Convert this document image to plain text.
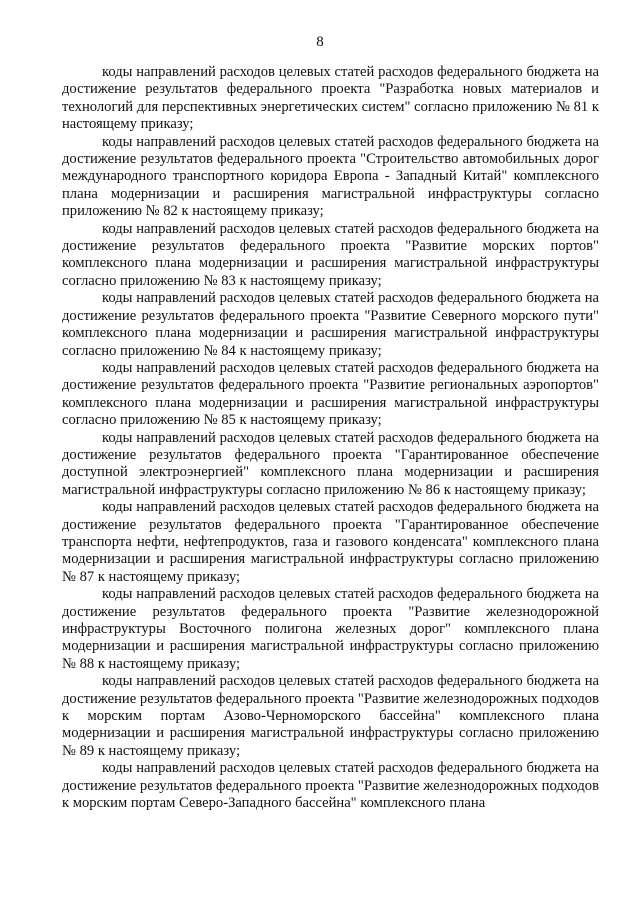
8

коды направлений расходов целевых статей расходов федерального бюджета на достижение результатов федерального проекта "Разработка новых материалов и технологий для перспективных энергетических систем" согласно приложению № 81 к настоящему приказу;

коды направлений расходов целевых статей расходов федерального бюджета на достижение результатов федерального проекта "Строительство автомобильных дорог международного транспортного коридора Европа - Западный Китай" комплексного плана модернизации и расширения магистральной инфраструктуры согласно приложению № 82 к настоящему приказу;

коды направлений расходов целевых статей расходов федерального бюджета на достижение результатов федерального проекта "Развитие морских портов" комплексного плана модернизации и расширения магистральной инфраструктуры согласно приложению № 83 к настоящему приказу;

коды направлений расходов целевых статей расходов федерального бюджета на достижение результатов федерального проекта "Развитие Северного морского пути" комплексного плана модернизации и расширения магистральной инфраструктуры согласно приложению № 84 к настоящему приказу;

коды направлений расходов целевых статей расходов федерального бюджета на достижение результатов федерального проекта "Развитие региональных аэропортов" комплексного плана модернизации и расширения магистральной инфраструктуры согласно приложению № 85 к настоящему приказу;

коды направлений расходов целевых статей расходов федерального бюджета на достижение результатов федерального проекта "Гарантированное обеспечение доступной электроэнергией" комплексного плана модернизации и расширения магистральной инфраструктуры согласно приложению № 86 к настоящему приказу;

коды направлений расходов целевых статей расходов федерального бюджета на достижение результатов федерального проекта "Гарантированное обеспечение транспорта нефти, нефтепродуктов, газа и газового конденсата" комплексного плана модернизации и расширения магистральной инфраструктуры согласно приложению № 87 к настоящему приказу;

коды направлений расходов целевых статей расходов федерального бюджета на достижение результатов федерального проекта "Развитие железнодорожной инфраструктуры Восточного полигона железных дорог" комплексного плана модернизации и расширения магистральной инфраструктуры согласно приложению № 88 к настоящему приказу;

коды направлений расходов целевых статей расходов федерального бюджета на достижение результатов федерального проекта "Развитие железнодорожных подходов к морским портам Азово-Черноморского бассейна" комплексного плана модернизации и расширения магистральной инфраструктуры согласно приложению № 89 к настоящему приказу;

коды направлений расходов целевых статей расходов федерального бюджета на достижение результатов федерального проекта "Развитие железнодорожных подходов к морским портам Северо-Западного бассейна" комплексного плана
